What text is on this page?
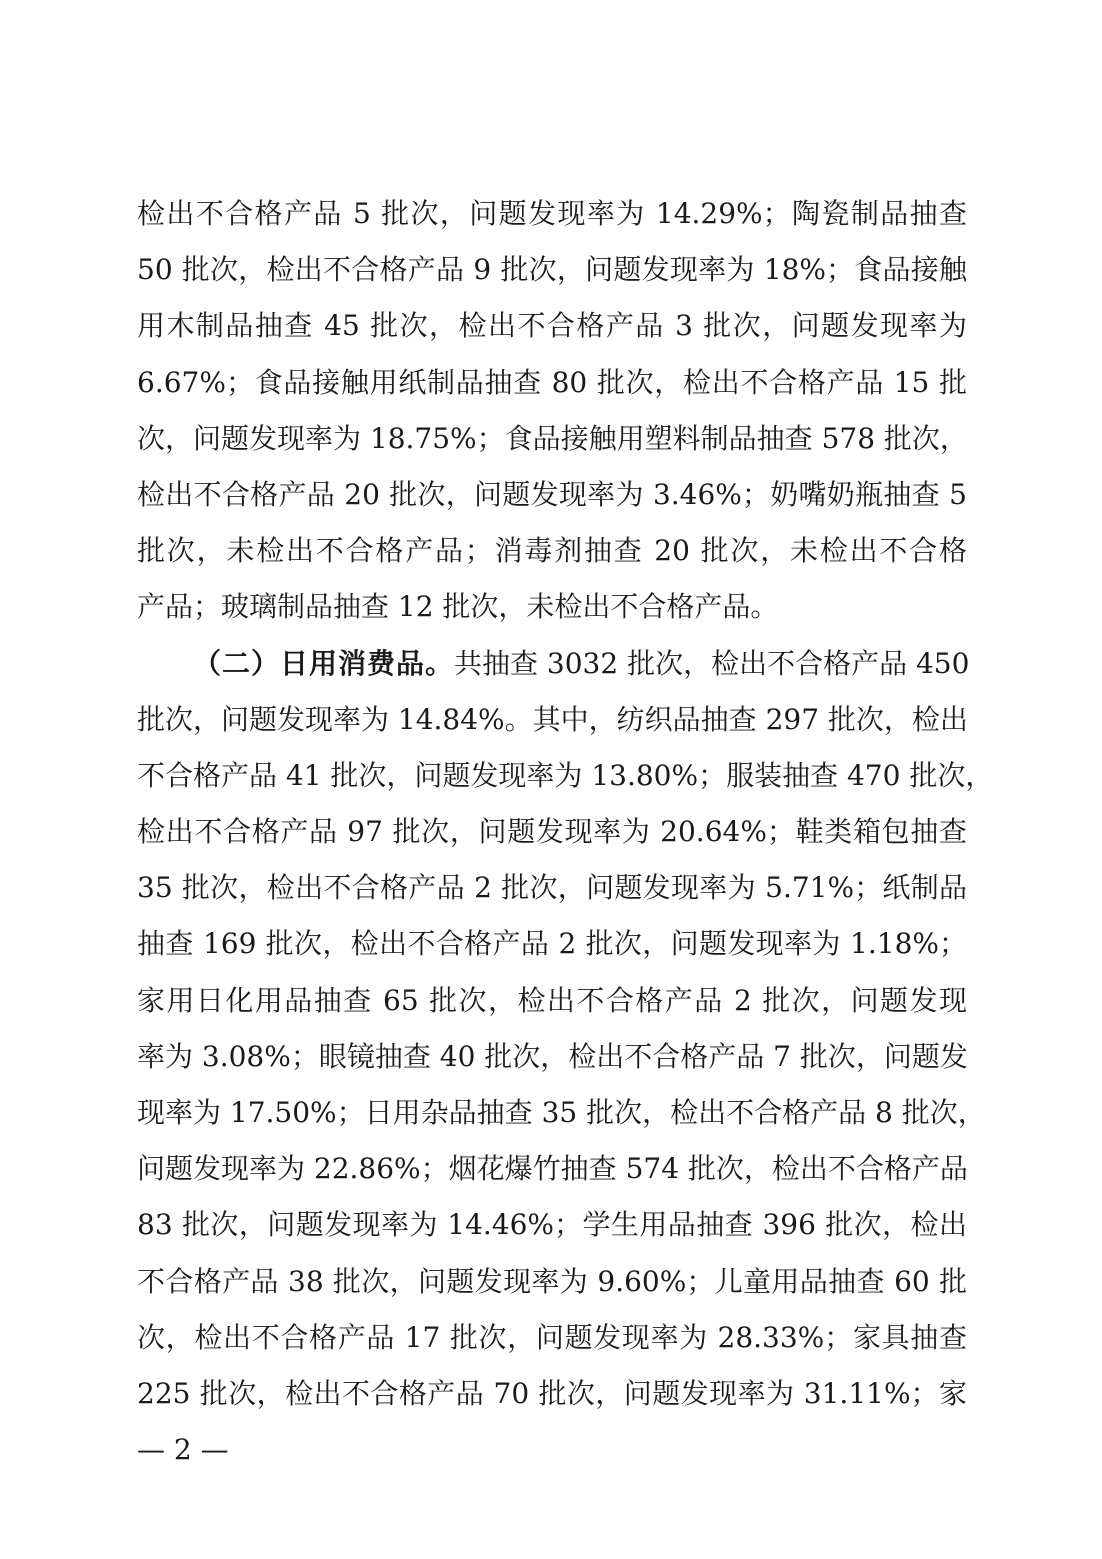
检出不合格产品 5 批次，问题发现率为 14.29%；陶瓷制品抽查
50 批次，检出不合格产品 9 批次，问题发现率为 18%；食品接触
用木制品抽查 45 批次，检出不合格产品 3 批次，问题发现率为
6.67%；食品接触用纸制品抽查 80 批次，检出不合格产品 15 批
次，问题发现率为 18.75%；食品接触用塑料制品抽查 578 批次，
检出不合格产品 20 批次，问题发现率为 3.46%；奶嘴奶瓶抽查 5
批次，未检出不合格产品；消毒剂抽查 20 批次，未检出不合格
产品；玻璃制品抽查 12 批次，未检出不合格产品。
（二）日用消费品。共抽查 3032 批次，检出不合格产品 450
批次，问题发现率为 14.84%。其中，纺织品抽查 297 批次，检出
不合格产品 41 批次，问题发现率为 13.80%；服装抽查 470 批次，
检出不合格产品 97 批次，问题发现率为 20.64%；鞋类箱包抽查
35 批次，检出不合格产品 2 批次，问题发现率为 5.71%；纸制品
抽查 169 批次，检出不合格产品 2 批次，问题发现率为 1.18%；
家用日化用品抽查 65 批次，检出不合格产品 2 批次，问题发现
率为 3.08%；眼镜抽查 40 批次，检出不合格产品 7 批次，问题发
现率为 17.50%；日用杂品抽查 35 批次，检出不合格产品 8 批次，
问题发现率为 22.86%；烟花爆竹抽查 574 批次，检出不合格产品
83 批次，问题发现率为 14.46%；学生用品抽查 396 批次，检出
不合格产品 38 批次，问题发现率为 9.60%；儿童用品抽查 60 批
次，检出不合格产品 17 批次，问题发现率为 28.33%；家具抽查
225 批次，检出不合格产品 70 批次，问题发现率为 31.11%；家
— 2 —
